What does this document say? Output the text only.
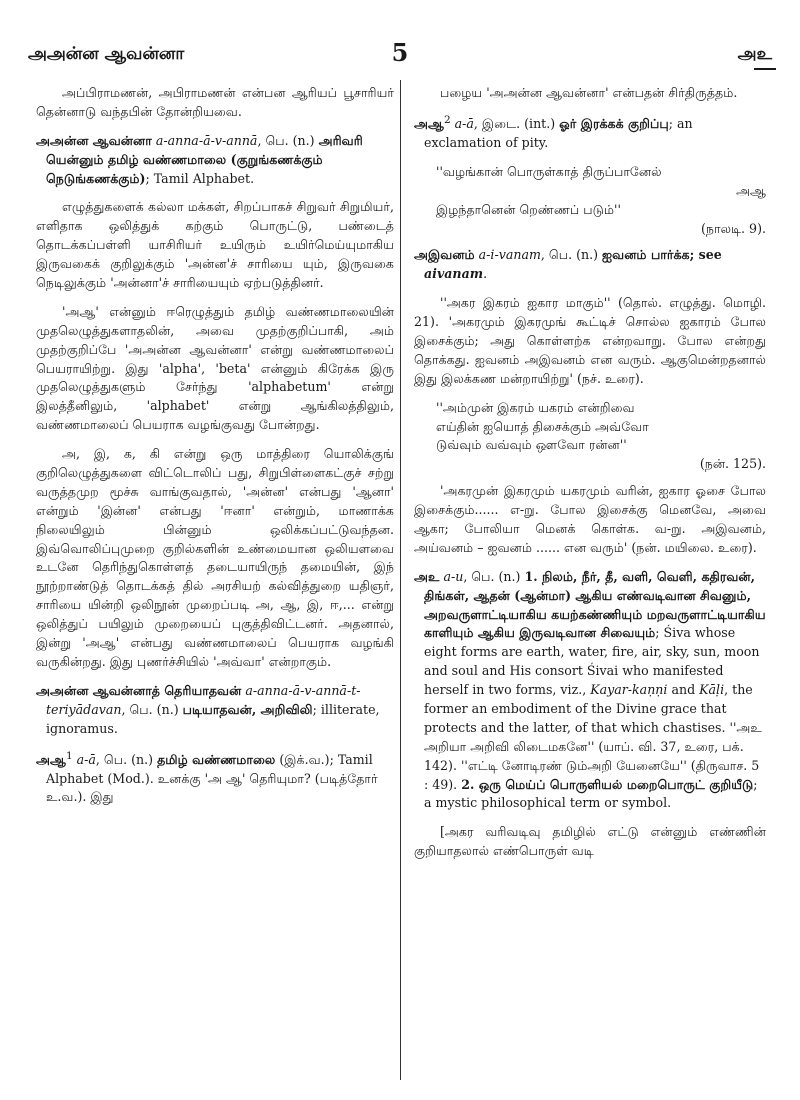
அஅன்ன ஆவன்னா	5	அஉ

அப்பிராமணன், அபிராமணன் என்பன ஆரியப் பூசாரியர் தென்னாடு வந்தபின் தோன்றியவை.

அஅன்ன ஆவன்னா a-anna-ā-v-annā, பெ. (n.) அரிவரி யென்னும் தமிழ் வண்ணமாலை (குறுங்கணக்கும் நெடுங்கணக்கும்); Tamil Alphabet.

எழுத்துகளைக் கல்லா மக்கள், சிறப்பாகச் சிறுவர் சிறுமியர், எளிதாக ஒலித்துக் கற்கும் பொருட்டு, பண்டைத் தொடக்கப்பள்ளி யாசிரியர் உயிரும் உயிர்மெய்யுமாகிய இருவகைக் குறிலுக்கும் 'அன்ன'ச் சாரியை யும், இருவகை நெடிலுக்கும் 'அன்னா'ச் சாரியையும் ஏற்படுத்தினர்.

'அஆ' என்னும் ஈரெழுத்தும் தமிழ் வண்ணமாலையின் முதலெழுத்துகளாதலின், அவை முதற்குறிப்பாகி, அம் முதற்குறிப்பே 'அஅன்ன ஆவன்னா' என்று வண்ணமாலைப் பெயராயிற்று. இது 'alpha', 'beta' என்னும் கிரேக்க இரு முதலெழுத்துகளும் சேர்ந்து 'alphabetum' என்று இலத்தீனிலும், 'alphabet' என்று ஆங்கிலத்திலும், வண்ணமாலைப் பெயராக வழங்குவது போன்றது.

அ, இ, க, கி என்று ஒரு மாத்திரை யொலிக்குங் குறிலெழுத்துகளை விட்டொலிப் பது, சிறுபிள்ளைகட்குச் சற்று வருத்தமுற மூச்சு வாங்குவதால், 'அன்ன' என்பது 'ஆனா' என்றும் 'இன்ன' என்பது 'ஈனா' என்றும், மாணாக்க நிலையிலும் பின்னும் ஒலிக்கப்பட்டுவந்தன. இவ்வொலிப்புமுறை குறில்களின் உண்மையான ஒலியளவை உடனே தெரிந்துகொள்ளத் தடையாயிருந் தமையின், இந் நூற்றாண்டுத் தொடக்கத் தில் அரசியற் கல்வித்துறை யதிஞர், சாரியை யின்றி ஒலிநூன் முறைப்படி அ, ஆ, இ, ஈ,... என்று ஒலித்துப் பயிலும் முறையைப் புகுத்திவிட்டனர். அதனால், இன்று 'அஆ' என்பது வண்ணமாலைப் பெயராக வழங்கி வருகின்றது. இது புணர்ச்சியில் 'அவ்வா' என்றாகும்.

அஅன்ன ஆவன்னாத் தெரியாதவன் a-anna-ā-v-annā-t-teriyādavan, பெ. (n.) படியாதவன், அறிவிலி; illiterate, ignoramus.

அஆ$^1$ a-ā, பெ. (n.) தமிழ் வண்ணமாலை (இக்.வ.); Tamil Alphabet (Mod.). உனக்கு 'அ ஆ' தெரியுமா? (படித்தோர் உ.வ.). இது

பழைய 'அஅன்ன ஆவன்னா' என்பதன் சிர்திருத்தம்.

அஆ$^2$ a-ā, இடை. (int.) ஓர் இரக்கக் குறிப்பு; an exclamation of pity.

''வழங்கான் பொருள்காத் திருப்பானேல்
அஆ
இழந்தானென் றெண்ணப் படும்''
(நாலடி. 9).

அஇவனம் a-i-vanam, பெ. (n.) ஐவனம் பார்க்க; see aivanam.

''அகர இகரம் ஐகார மாகும்'' (தொல். எழுத்து. மொழி. 21). 'அகரமும் இகரமுங் கூட்டிச் சொல்ல ஐகாரம் போல இசைக்கும்; அது கொள்ளற்க என்றவாறு. போல என்றது தொக்கது. ஐவனம் அஇவனம் என வரும். ஆகுமென்றதனால் இது இலக்கண மன்றாயிற்று' (நச். உரை).

''அம்முன் இகரம் யகரம் என்றிவை
எய்தின் ஐயொத் திசைக்கும் அவ்வோ
டுவ்வும் வவ்வும் ஔவோ ரன்ன''
(நன். 125).

'அகரமுன் இகரமும் யகரமும் வரின், ஐகார ஓசை போல இசைக்கும்...... எ-று. போல இசைக்கு மெனவே, அவை ஆகா; போலியா மெனக் கொள்க. வ-று. அஇவனம், அய்வனம் – ஐவனம் ...... என வரும்' (நன். மயிலை. உரை).

அஉ a-u, பெ. (n.) 1. நிலம், நீர், தீ, வளி, வெளி, கதிரவன், திங்கள், ஆதன் (ஆன்மா) ஆகிய எண்வடிவான சிவனும், அறவருளாட்டியாகிய கயற்கண்ணியும் மறவருளாட்டியாகிய காளியும் ஆகிய இருவடிவான சிவையும்; Śiva whose eight forms are earth, water, fire, air, sky, sun, moon and soul and His consort Śivai who manifested herself in two forms, viz., Kayar-kaṇṇi and Kāḷi, the former an embodiment of the Divine grace that protects and the latter, of that which chastises. ''அஉ அறியா அறிவி லிடைமகனே'' (யாப். வி. 37, உரை, பக். 142). ''எட்டி னோடிரண் டும்அறி யேனையே'' (திருவாச. 5 : 49). 2. ஒரு மெய்ப் பொருளியல் மறைபொருட் குறியீடு; a mystic philosophical term or symbol.

[அகர வரிவடிவு தமிழில் எட்டு என்னும் எண்ணின் குறியாதலால் எண்பொருள் வடி
